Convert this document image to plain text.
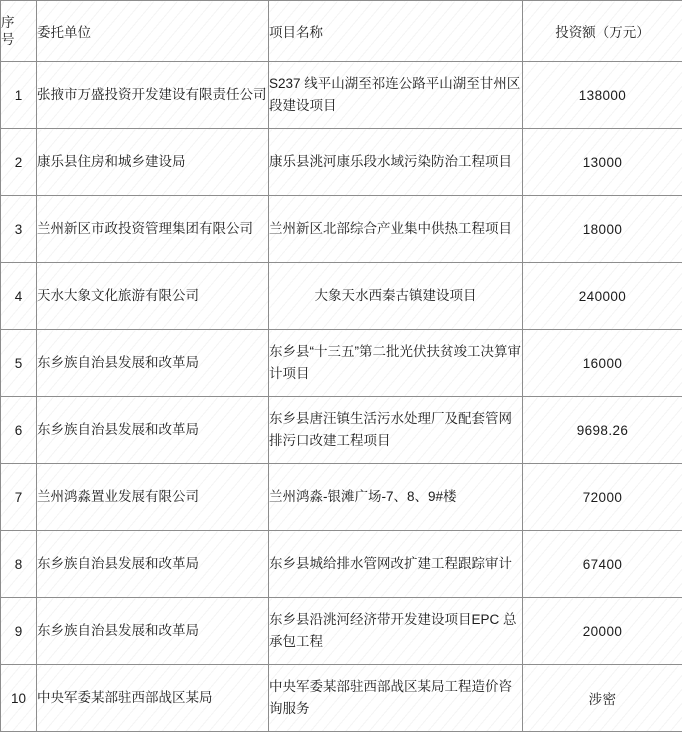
序
号	委托单位	项目名称	投资额（万元）
1	张掖市万盛投资开发建设有限责任公司	S237 线平山湖至祁连公路平山湖至甘州区段建设项目	138000
2	康乐县住房和城乡建设局	康乐县洮河康乐段水域污染防治工程项目	13000
3	兰州新区市政投资管理集团有限公司	兰州新区北部综合产业集中供热工程项目	18000
4	天水大象文化旅游有限公司	大象天水西秦古镇建设项目	240000
5	东乡族自治县发展和改革局	东乡县“十三五”第二批光伏扶贫竣工决算审计项目	16000
6	东乡族自治县发展和改革局	东乡县唐汪镇生活污水处理厂及配套管网排污口改建工程项目	9698.26
7	兰州鸿淼置业发展有限公司	兰州鸿淼-银滩广场-7、8、9#楼	72000
8	东乡族自治县发展和改革局	东乡县城给排水管网改扩建工程跟踪审计	67400
9	东乡族自治县发展和改革局	东乡县沿洮河经济带开发建设项目EPC 总承包工程	20000
10	中央军委某部驻西部战区某局	中央军委某部驻西部战区某局工程造价咨询服务	涉密
